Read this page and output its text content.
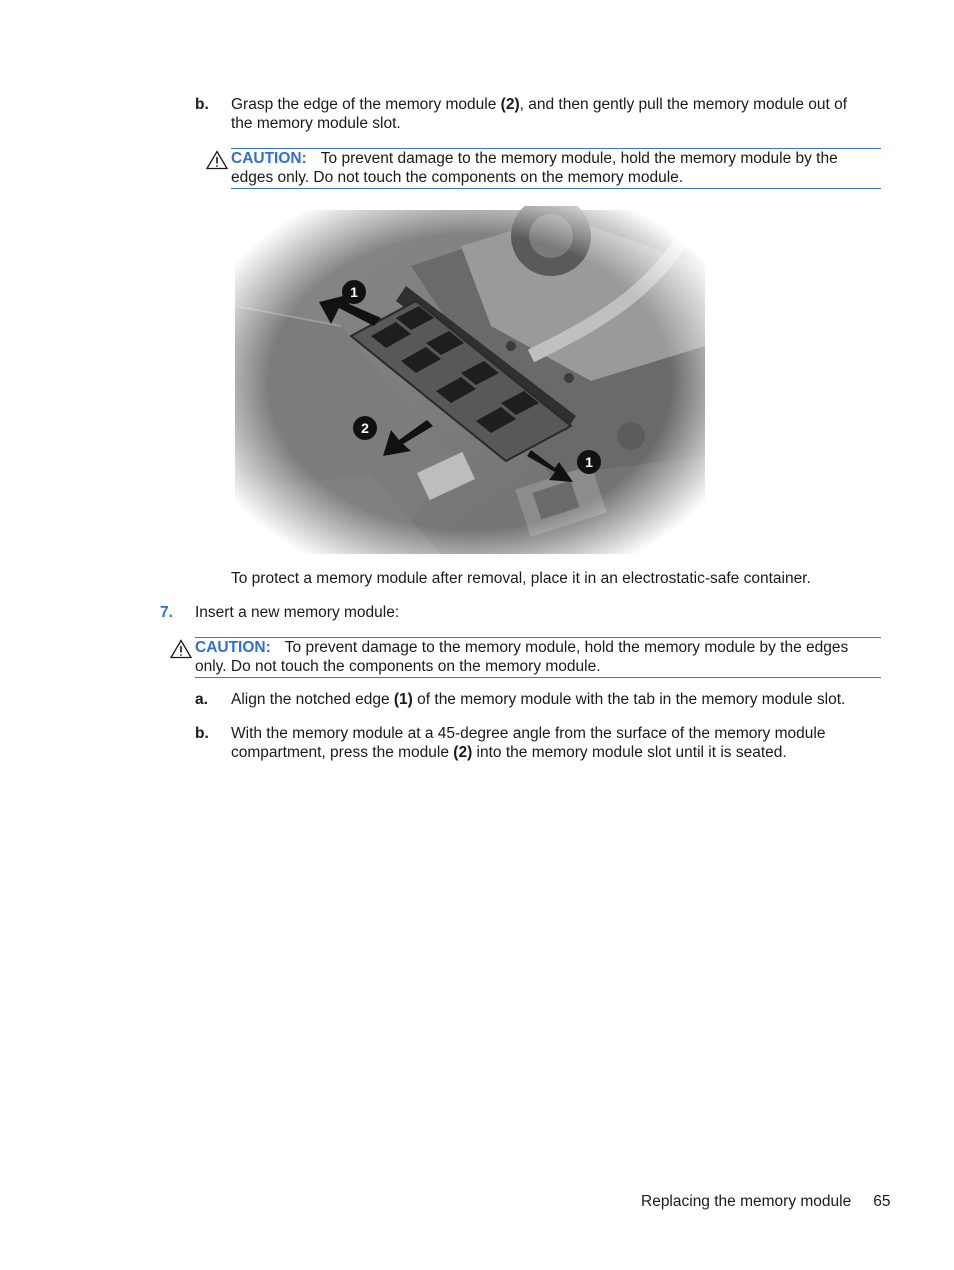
b. Grasp the edge of the memory module (2), and then gently pull the memory module out of
the memory module slot.
CAUTION: To prevent damage to the memory module, hold the memory module by the
edges only. Do not touch the components on the memory module.
To protect a memory module after removal, place it in an electrostatic-safe container.
7. Insert a new memory module:
CAUTION: To prevent damage to the memory module, hold the memory module by the edges
only. Do not touch the components on the memory module.
a. Align the notched edge (1) of the memory module with the tab in the memory module slot.
b. With the memory module at a 45-degree angle from the surface of the memory module
compartment, press the module (2) into the memory module slot until it is seated.
Replacing the memory module 65
